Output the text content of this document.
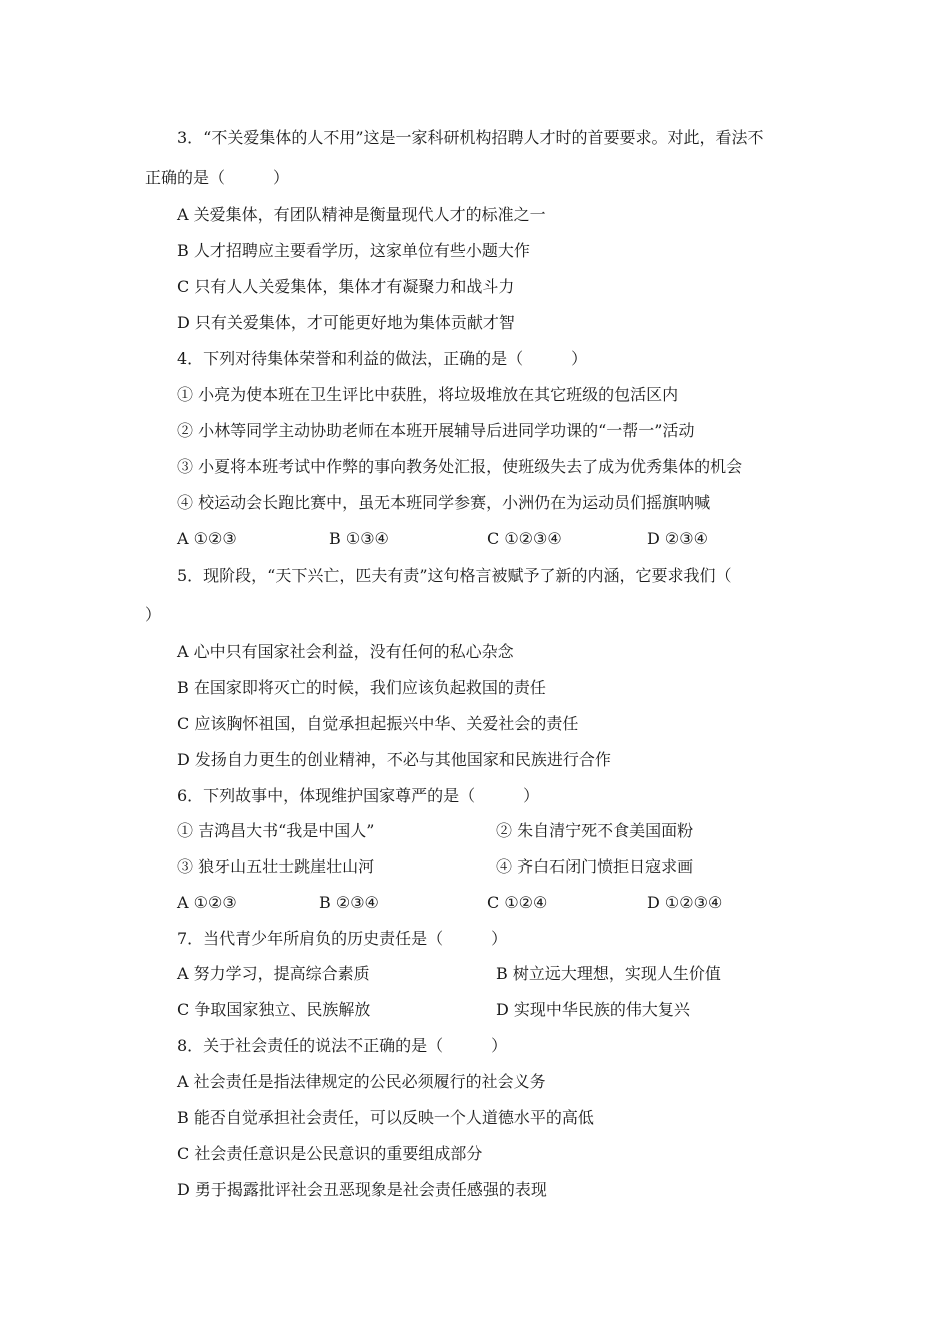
3．“不关爱集体的人不用”这是一家科研机构招聘人才时的首要要求。对此，看法不
正确的是（　　　）
A 关爱集体，有团队精神是衡量现代人才的标准之一
B 人才招聘应主要看学历，这家单位有些小题大作
C 只有人人关爱集体，集体才有凝聚力和战斗力
D 只有关爱集体，才可能更好地为集体贡献才智
4．下列对待集体荣誉和利益的做法，正确的是（　　　）
① 小亮为使本班在卫生评比中获胜，将垃圾堆放在其它班级的包活区内
② 小林等同学主动协助老师在本班开展辅导后进同学功课的“一帮一”活动
③ 小夏将本班考试中作弊的事向教务处汇报，使班级失去了成为优秀集体的机会
④ 校运动会长跑比赛中，虽无本班同学参赛，小洲仍在为运动员们摇旗呐喊
A ①②③	B ①③④	C ①②③④	D ②③④
5．现阶段，“天下兴亡，匹夫有责”这句格言被赋予了新的内涵，它要求我们（
）
A 心中只有国家社会利益，没有任何的私心杂念
B 在国家即将灭亡的时候，我们应该负起救国的责任
C 应该胸怀祖国，自觉承担起振兴中华、关爱社会的责任
D 发扬自力更生的创业精神，不必与其他国家和民族进行合作
6．下列故事中，体现维护国家尊严的是（　　　）
① 吉鸿昌大书“我是中国人”	② 朱自清宁死不食美国面粉
③ 狼牙山五壮士跳崖壮山河	④ 齐白石闭门愤拒日寇求画
A ①②③	B ②③④	C ①②④	D ①②③④
7．当代青少年所肩负的历史责任是（　　　）
A 努力学习，提高综合素质	B 树立远大理想，实现人生价值
C 争取国家独立、民族解放	D 实现中华民族的伟大复兴
8．关于社会责任的说法不正确的是（　　　）
A 社会责任是指法律规定的公民必须履行的社会义务
B 能否自觉承担社会责任，可以反映一个人道德水平的高低
C 社会责任意识是公民意识的重要组成部分
D 勇于揭露批评社会丑恶现象是社会责任感强的表现
